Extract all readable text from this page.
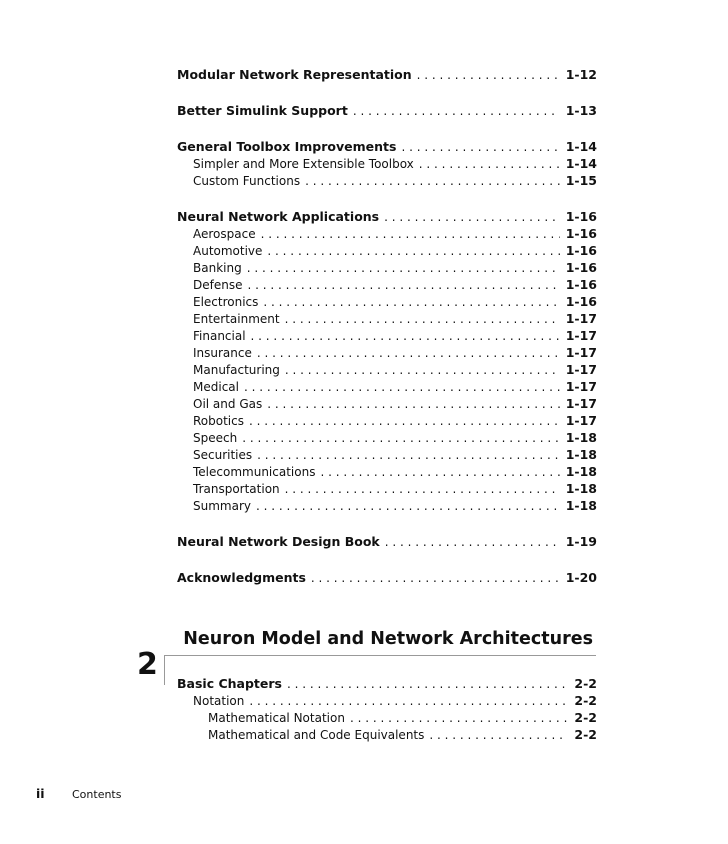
Modular Network Representation . . .	1-12
Better Simulink Support . . .	1-13
General Toolbox Improvements . . .	1-14
Simpler and More Extensible Toolbox . . .	1-14
Custom Functions . . .	1-15
Neural Network Applications . . .	1-16
Aerospace . . .	1-16
Automotive . . .	1-16
Banking . . .	1-16
Defense . . .	1-16
Electronics . . .	1-16
Entertainment . . .	1-17
Financial . . .	1-17
Insurance . . .	1-17
Manufacturing . . .	1-17
Medical . . .	1-17
Oil and Gas . . .	1-17
Robotics . . .	1-17
Speech . . .	1-18
Securities . . .	1-18
Telecommunications . . .	1-18
Transportation . . .	1-18
Summary . . .	1-18
Neural Network Design Book . . .	1-19
Acknowledgments . . .	1-20
Neuron Model and Network Architectures
2
Basic Chapters . . .	2-2
Notation . . .	2-2
Mathematical Notation . . .	2-2
Mathematical and Code Equivalents . . .	2-2
ii Contents
